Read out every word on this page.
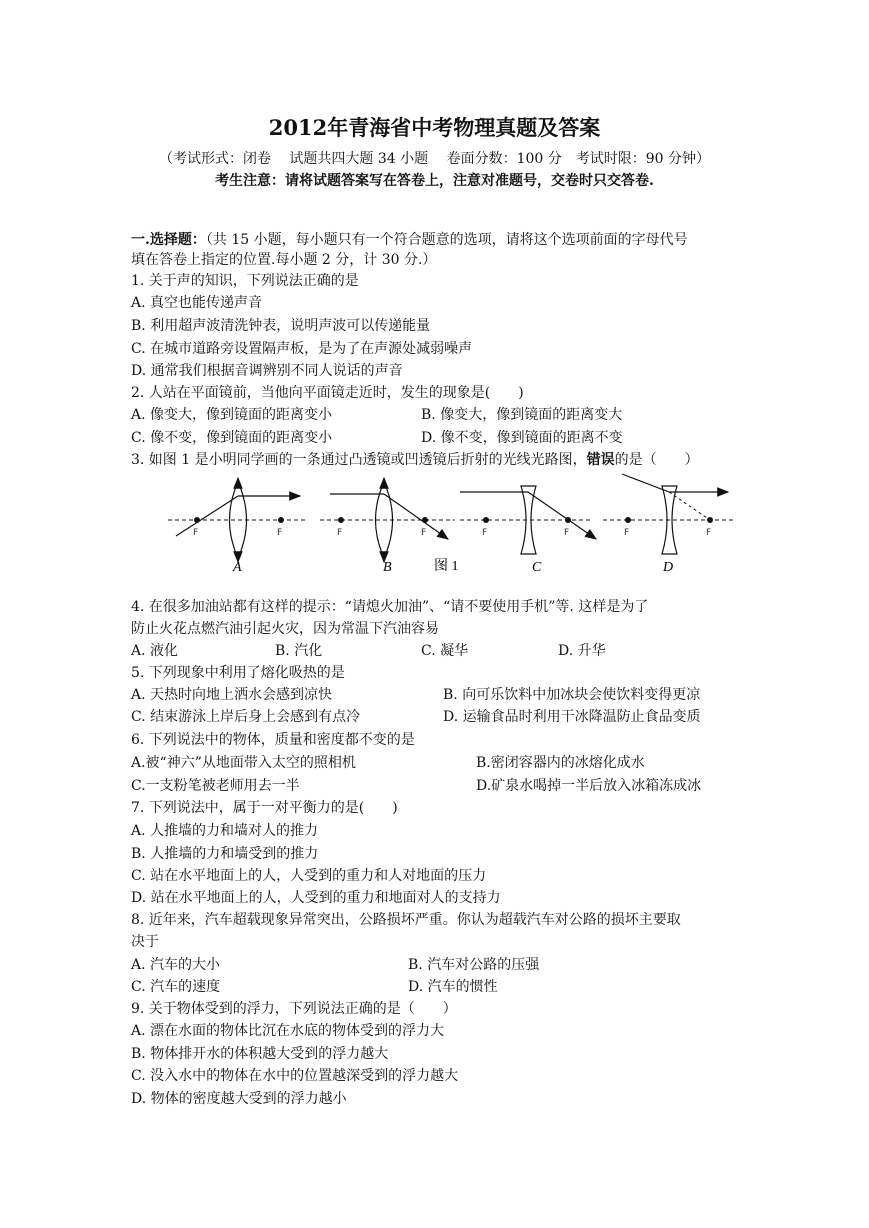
2012年青海省中考物理真题及答案
（考试形式：闭卷　 试题共四大题 34 小题　 卷面分数：100 分　考试时限：90 分钟）
考生注意：请将试题答案写在答卷上，注意对准题号，交卷时只交答卷.
一.选择题：（共 15 小题，每小题只有一个符合题意的选项，请将这个选项前面的字母代号
填在答卷上指定的位置.每小题 2 分，计 30 分.）
1. 关于声的知识，下列说法正确的是
A. 真空也能传递声音
B. 利用超声波清洗钟表，说明声波可以传递能量
C. 在城市道路旁设置隔声板，是为了在声源处减弱噪声
D. 通常我们根据音调辨别不同人说话的声音
2. 人站在平面镜前，当他向平面镜走近时，发生的现象是(　　)
A. 像变大，像到镜面的距离变小	B. 像变大，像到镜面的距离变大
C. 像不变，像到镜面的距离变小	D. 像不变，像到镜面的距离不变
3. 如图 1 是小明同学画的一条通过凸透镜或凹透镜后折射的光线光路图，错误的是（　　）
F	F
A
F	F
B	图 1
F	F
C
F	F
D
4. 在很多加油站都有这样的提示：“请熄火加油”、“请不要使用手机”等. 这样是为了
防止火花点燃汽油引起火灾，因为常温下汽油容易
A. 液化	B. 汽化	C. 凝华	D. 升华
5. 下列现象中利用了熔化吸热的是
A. 天热时向地上洒水会感到凉快	B. 向可乐饮料中加冰块会使饮料变得更凉
C. 结束游泳上岸后身上会感到有点冷	D. 运输食品时利用干冰降温防止食品变质
6. 下列说法中的物体，质量和密度都不变的是
A.被“神六”从地面带入太空的照相机	B.密闭容器内的冰熔化成水
C.一支粉笔被老师用去一半	D.矿泉水喝掉一半后放入冰箱冻成冰
7. 下列说法中，属于一对平衡力的是(　　)
A. 人推墙的力和墙对人的推力
B. 人推墙的力和墙受到的推力
C. 站在水平地面上的人，人受到的重力和人对地面的压力
D. 站在水平地面上的人，人受到的重力和地面对人的支持力
8. 近年来，汽车超载现象异常突出，公路损坏严重。你认为超载汽车对公路的损坏主要取
决于
A. 汽车的大小	B. 汽车对公路的压强
C. 汽车的速度	D. 汽车的惯性
9. 关于物体受到的浮力，下列说法正确的是（　　）
A. 漂在水面的物体比沉在水底的物体受到的浮力大
B. 物体排开水的体积越大受到的浮力越大
C. 没入水中的物体在水中的位置越深受到的浮力越大
D. 物体的密度越大受到的浮力越小
